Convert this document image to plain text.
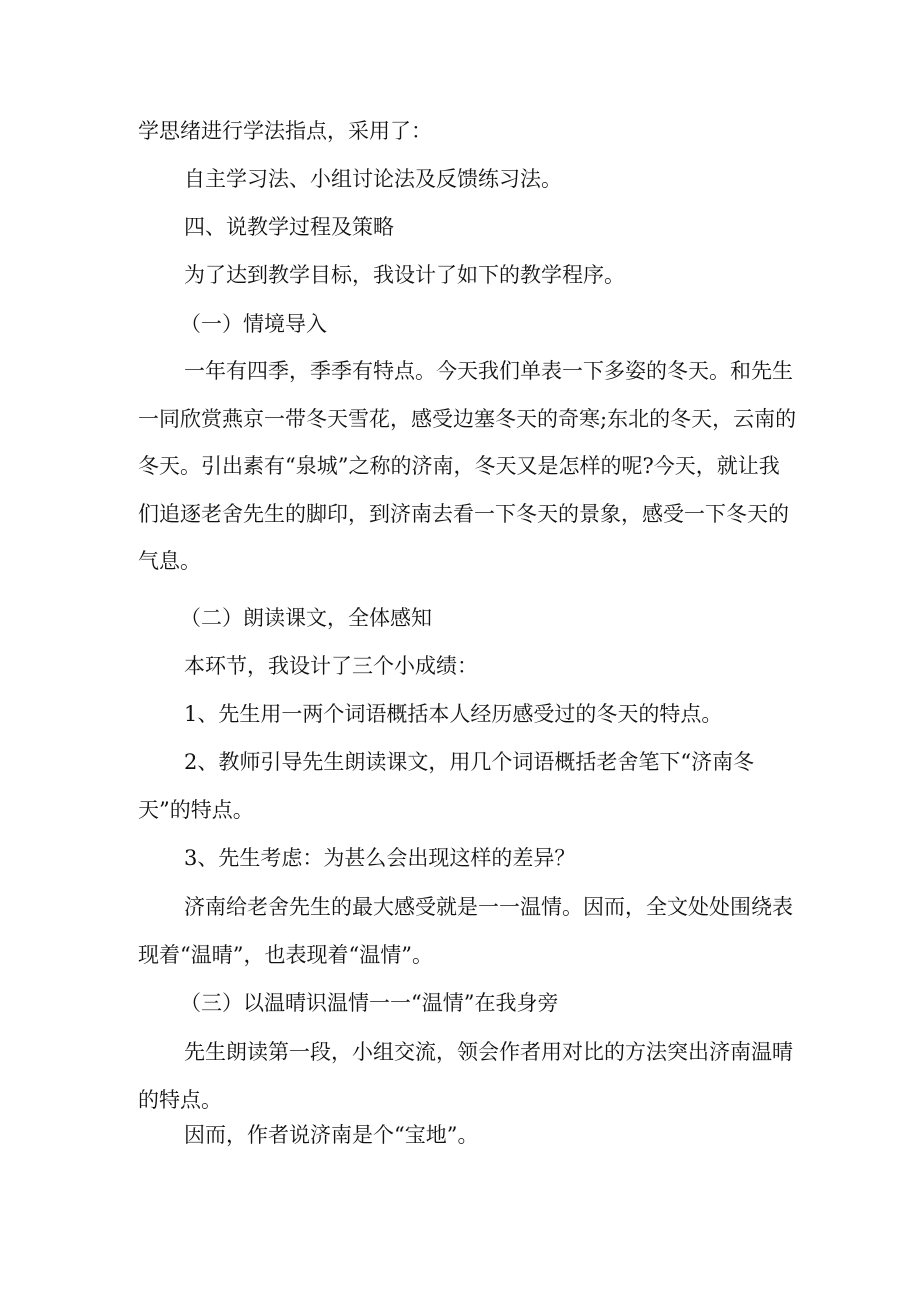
学思绪进行学法指点，采用了：

自主学习法、小组讨论法及反馈练习法。

四、说教学过程及策略

为了达到教学目标，我设计了如下的教学程序。

（一）情境导入

一年有四季，季季有特点。今天我们单表一下多姿的冬天。和先生一同欣赏燕京一带冬天雪花，感受边塞冬天的奇寒;东北的冬天，云南的冬天。引出素有“泉城”之称的济南，冬天又是怎样的呢?今天，就让我们追逐老舍先生的脚印，到济南去看一下冬天的景象，感受一下冬天的气息。

（二）朗读课文，全体感知

本环节，我设计了三个小成绩：

1、先生用一两个词语概括本人经历感受过的冬天的特点。

2、教师引导先生朗读课文，用几个词语概括老舍笔下“济南冬天”的特点。

3、先生考虑：为甚么会出现这样的差异？

济南给老舍先生的最大感受就是一一温情。因而，全文处处围绕表现着“温晴”，也表现着“温情”。

（三）以温晴识温情一一“温情”在我身旁

先生朗读第一段，小组交流，领会作者用对比的方法突出济南温晴的特点。

因而，作者说济南是个“宝地”。
